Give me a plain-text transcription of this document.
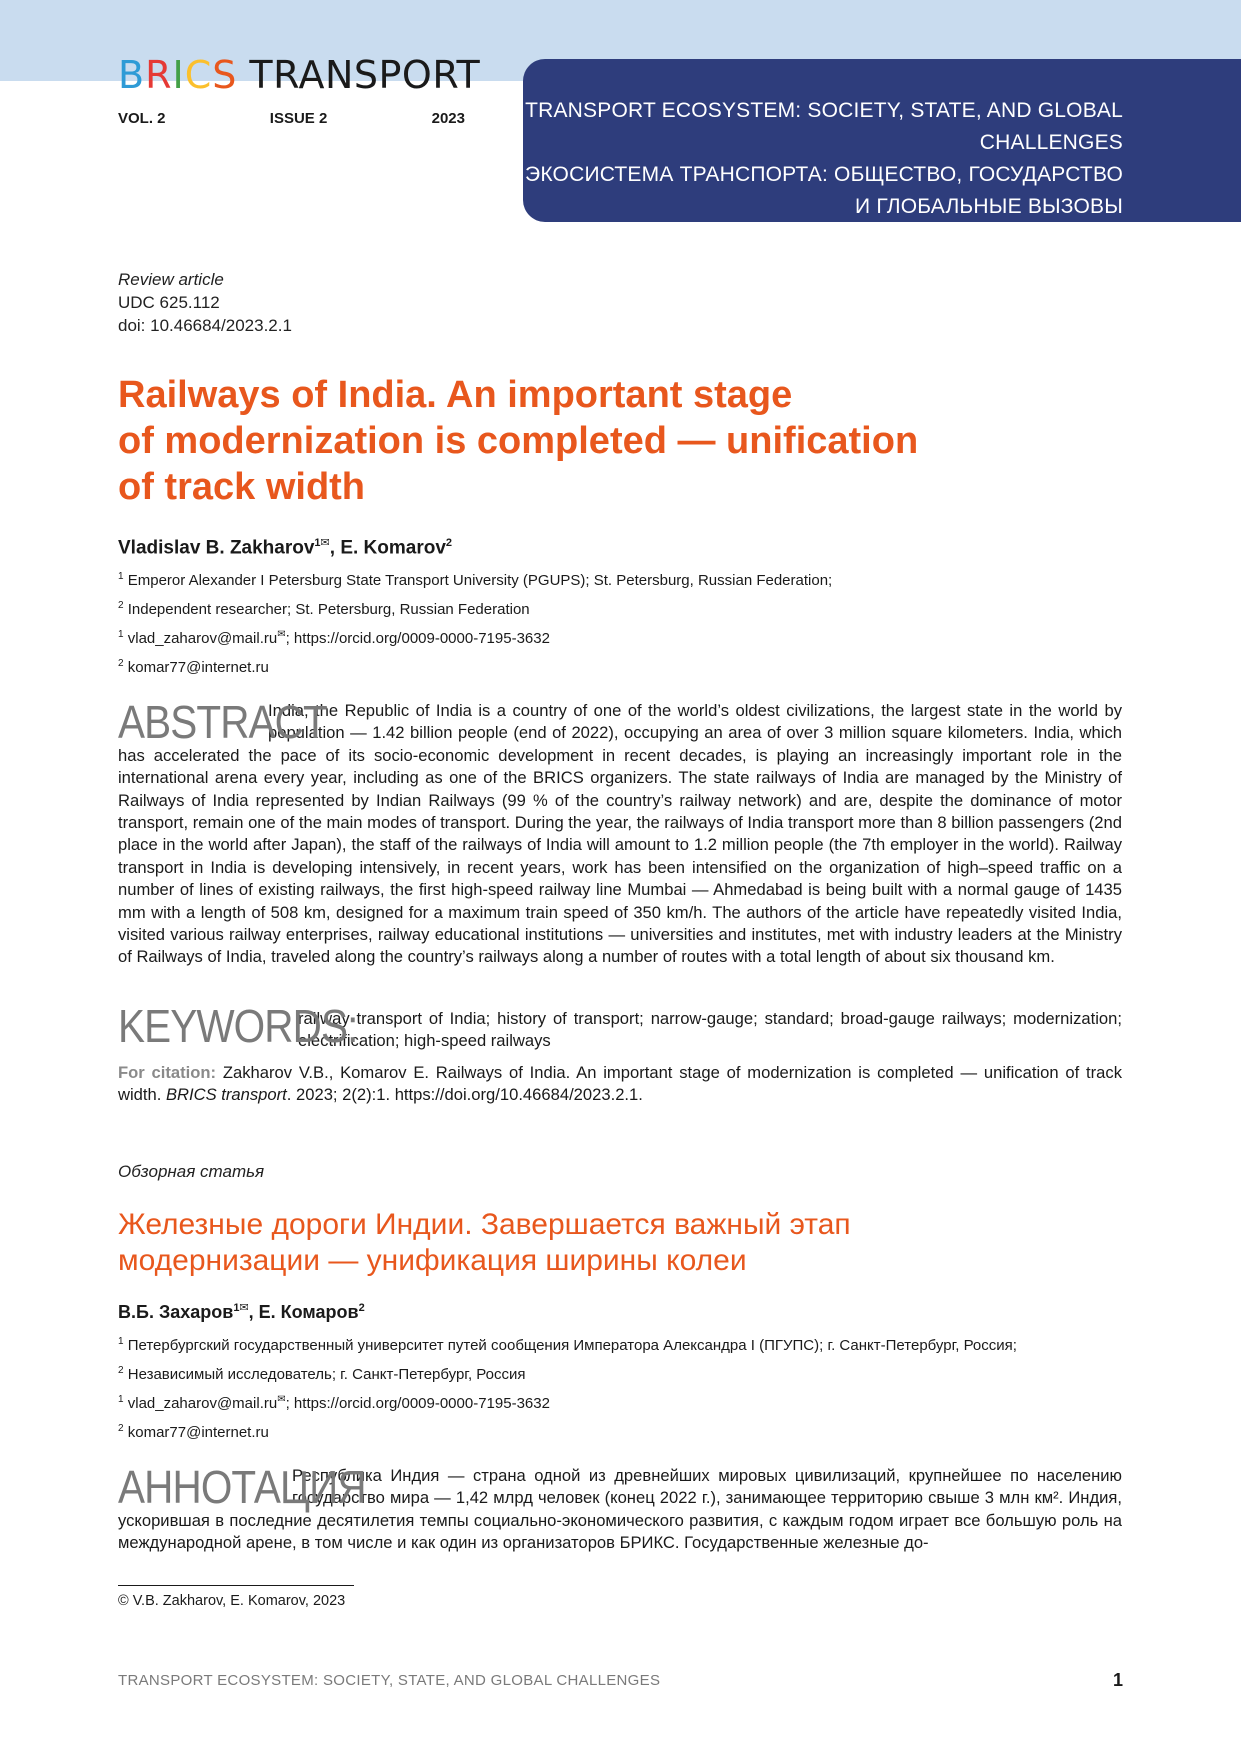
TRANSPORT ECOSYSTEM: SOCIETY, STATE, AND GLOBAL CHALLENGES
ЭКОСИСТЕМА ТРАНСПОРТА: ОБЩЕСТВО, ГОСУДАРСТВО
И ГЛОБАЛЬНЫЕ ВЫЗОВЫ
B R I C S TRANSPORT
VOL. 2	ISSUE 2	2023
Review article
UDC 625.112
doi: 10.46684/2023.2.1
Railways of India. An important stage
of modernization is completed — unification
of track width
Vladislav B. Zakharov$^{1✉}$, E. Komarov$^2$
$^1$ Emperor Alexander I Petersburg State Transport University (PGUPS); St. Petersburg, Russian Federation;
$^2$ Independent researcher; St. Petersburg, Russian Federation
$^1$ vlad_zaharov@mail.ru✉; https://orcid.org/0009-0000-7195-3632
$^2$ komar77@internet.ru
ABSTRACT
India, the Republic of India is a country of one of the world’s oldest civilizations, the largest state in the world by population — 1.42 billion people (end of 2022), occupying an area of over 3 million square kilometers. India, which has accelerated the pace of its socio-economic development in recent decades, is playing an increasingly important role in the international arena every year, including as one of the BRICS organizers. The state railways of India are managed by the Ministry of Railways of India represented by Indian Railways (99 % of the country’s railway network) and are, despite the dominance of motor transport, remain one of the main modes of transport. During the year, the railways of India transport more than 8 billion passengers (2nd place in the world after Japan), the staff of the railways of India will amount to 1.2 million people (the 7th employer in the world). Railway transport in India is developing intensively, in recent years, work has been intensified on the organization of high–speed traffic on a number of lines of existing railways, the first high-speed railway line Mumbai — Ahmedabad is being built with a normal gauge of 1435 mm with a length of 508 km, designed for a maximum train speed of 350 km/h. The authors of the article have repeatedly visited India, visited various railway enterprises, railway educational institutions — universities and institutes, met with industry leaders at the Ministry of Railways of India, traveled along the country’s railways along a number of routes with a total length of about six thousand km.
KEYWORDS:
railway transport of India; history of transport; narrow-gauge; standard; broad-gauge railways; modernization; electrification; high-speed railways
For citation: Zakharov V.B., Komarov E. Railways of India. An important stage of modernization is completed — unification of track width. BRICS transport. 2023; 2(2):1. https://doi.org/10.46684/2023.2.1.
Обзорная статья
Железные дороги Индии. Завершается важный этап
модернизации — унификация ширины колеи
В.Б. Захаров$^{1✉}$, Е. Комаров$^2$
$^1$ Петербургский государственный университет путей сообщения Императора Александра I (ПГУПС); г. Санкт-Петербург, Россия;
$^2$ Независимый исследователь; г. Санкт-Петербург, Россия
$^1$ vlad_zaharov@mail.ru✉; https://orcid.org/0009-0000-7195-3632
$^2$ komar77@internet.ru
АННОТАЦИЯ
Республика Индия — страна одной из древнейших мировых цивилизаций, крупнейшее по населению государство мира — 1,42 млрд человек (конец 2022 г.), занимающее территорию свыше 3 млн км². Индия, ускорившая в последние десятилетия темпы социально-экономического развития, с каждым годом играет все большую роль на международной арене, в том числе и как один из организаторов БРИКС. Государственные железные до-
© V.B. Zakharov, E. Komarov, 2023
TRANSPORT ECOSYSTEM: SOCIETY, STATE, AND GLOBAL CHALLENGES	1
